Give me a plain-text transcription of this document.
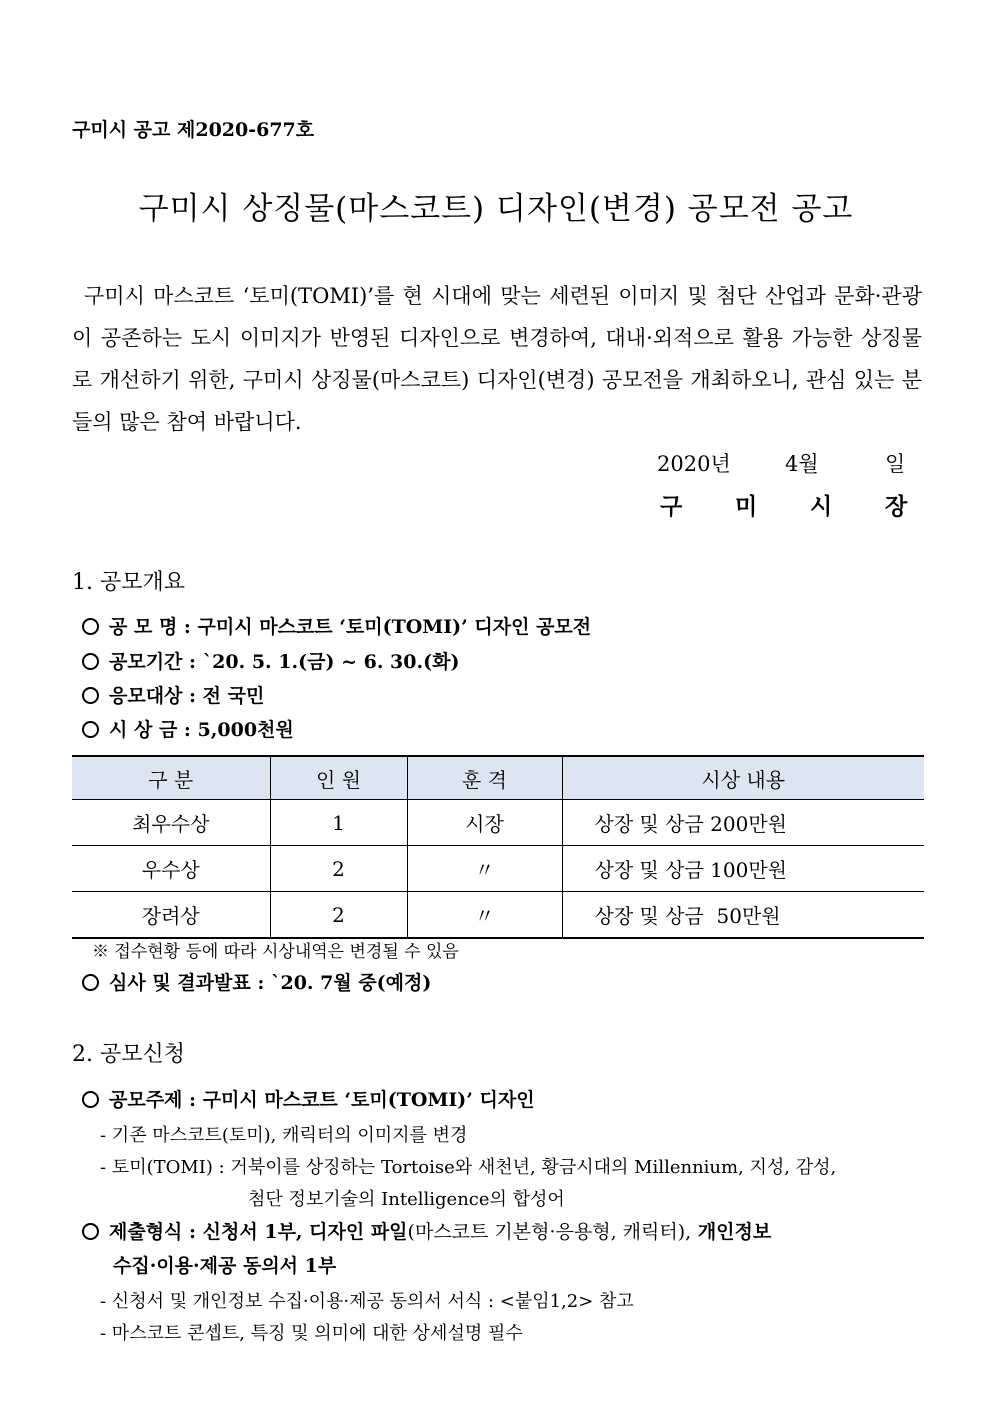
구미시 공고 제2020-677호
구미시 상징물(마스코트) 디자인(변경) 공모전 공고
구미시 마스코트 ‘토미(TOMI)’를 현 시대에 맞는 세련된 이미지 및 첨단 산업과 문화·관광이 공존하는 도시 이미지가 반영된 디자인으로 변경하여, 대내·외적으로 활용 가능한 상징물로 개선하기 위한, 구미시 상징물(마스코트) 디자인(변경) 공모전을 개최하오니, 관심 있는 분들의 많은 참여 바랍니다.
2020년	4월	일
구 미 시 장
1. 공모개요
공 모 명 : 구미시 마스코트 ‘토미(TOMI)’ 디자인 공모전
공모기간 : `20. 5. 1.(금) ~ 6. 30.(화)
응모대상 : 전 국민
시 상 금 : 5,000천원
구 분	인 원	훈 격	시상 내용
최우수상	1	시장	상장 및 상금 200만원
우수상	2	〃	상장 및 상금 100만원
장려상	2	〃	상장 및 상금  50만원
※ 접수현황 등에 따라 시상내역은 변경될 수 있음
심사 및 결과발표 : `20. 7월 중(예정)
2. 공모신청
공모주제 : 구미시 마스코트 ‘토미(TOMI)’ 디자인
- 기존 마스코트(토미), 캐릭터의 이미지를 변경
- 토미(TOMI) : 거북이를 상징하는 Tortoise와 새천년, 황금시대의 Millennium, 지성, 감성,
첨단 정보기술의 Intelligence의 합성어
제출형식 : 신청서 1부, 디자인 파일(마스코트 기본형·응용형, 캐릭터), 개인정보
수집·이용·제공 동의서 1부
- 신청서 및 개인정보 수집·이용·제공 동의서 서식 : <붙임1,2> 참고
- 마스코트 콘셉트, 특징 및 의미에 대한 상세설명 필수
